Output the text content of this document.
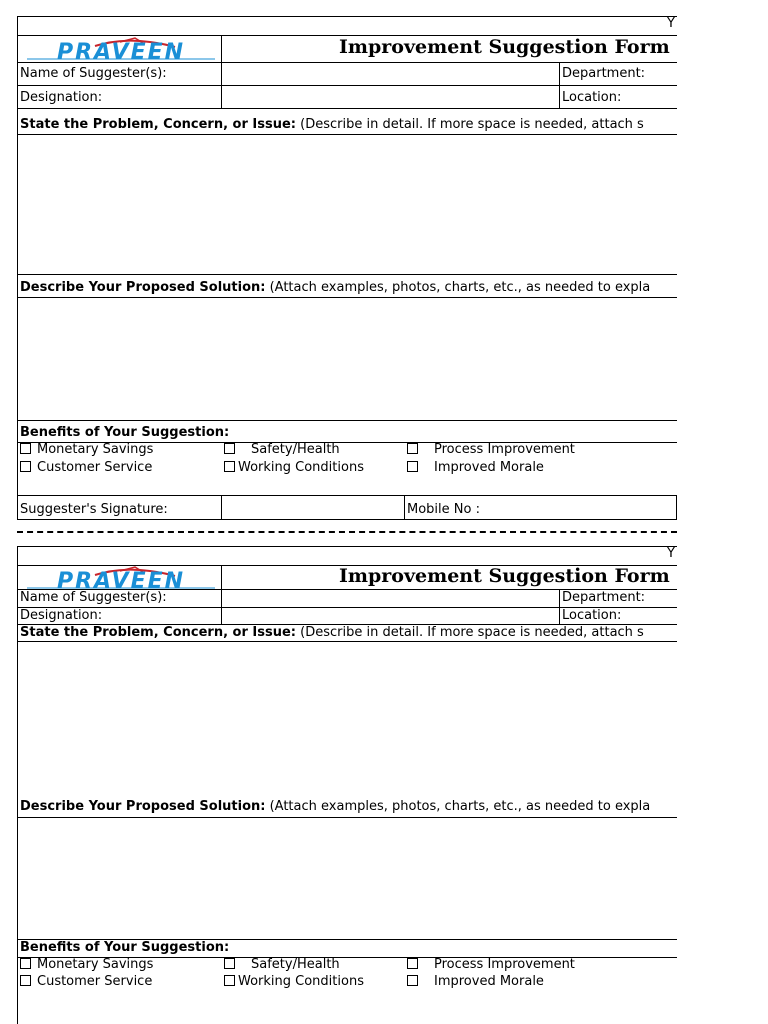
Y
PRAVEEN	Improvement Suggestion Form
Name of Suggester(s):	Department:
Designation:	Location:
State the Problem, Concern, or Issue: (Describe in detail. If more space is needed, attach s
Describe Your Proposed Solution: (Attach examples, photos, charts, etc., as needed to expla
Benefits of Your Suggestion:
Monetary Savings	Safety/Health	Process Improvement
Customer Service	Working Conditions	Improved Morale
Suggester's Signature:	Mobile No :
Y
PRAVEEN	Improvement Suggestion Form
Name of Suggester(s):	Department:
Designation:	Location:
State the Problem, Concern, or Issue: (Describe in detail. If more space is needed, attach s
Describe Your Proposed Solution: (Attach examples, photos, charts, etc., as needed to expla
Benefits of Your Suggestion:
Monetary Savings	Safety/Health	Process Improvement
Customer Service	Working Conditions	Improved Morale
